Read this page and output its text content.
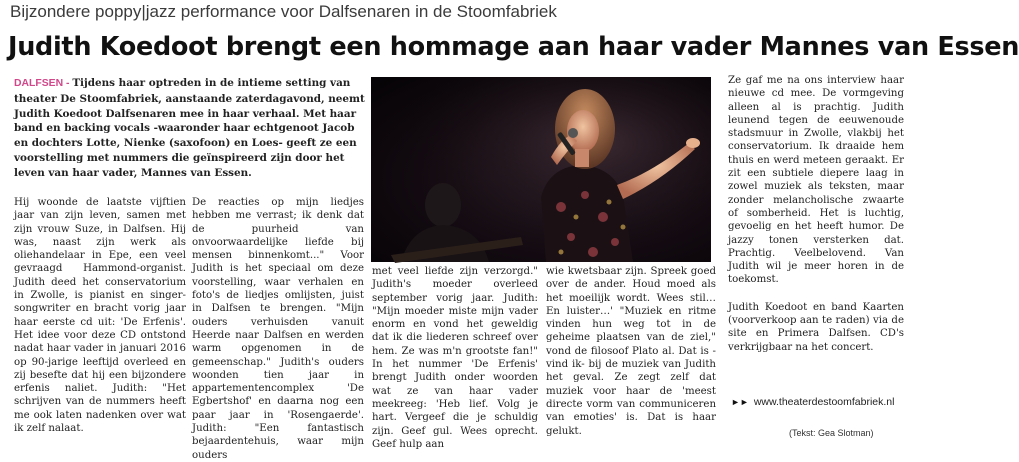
Bijzondere poppy|jazz performance voor Dalfsenaren in de Stoomfabriek
Judith Koedoot brengt een hommage aan haar vader Mannes van Essen
DALFSEN - Tijdens haar optreden in de intieme setting van theater De Stoomfabriek, aanstaande zaterdagavond, neemt Judith Koedoot Dalfsenaren mee in haar verhaal. Met haar band en backing vocals -waaronder haar echtgenoot Jacob en dochters Lotte, Nienke (saxofoon) en Loes- geeft ze een voorstelling met nummers die geïnspireerd zijn door het leven van haar vader, Mannes van Essen.

Hij woonde de laatste vijftien jaar van zijn leven, samen met zijn vrouw Suze, in Dalfsen. Hij was, naast zijn werk als oliehandelaar in Epe, een veel gevraagd Hammond-organist. Judith deed het conservatorium in Zwolle, is pianist en singer-songwriter en bracht vorig jaar haar eerste cd uit: 'De Erfenis'. Het idee voor deze CD ontstond nadat haar vader in januari 2016 op 90-jarige leeftijd overleed en zij besefte dat hij een bijzondere erfenis naliet. Judith: "Het schrijven van de nummers heeft me ook laten nadenken over wat ik zelf nalaat.

De reacties op mijn liedjes hebben me verrast; ik denk dat de puurheid van onvoorwaardelijke liefde bij mensen binnenkomt..." Voor Judith is het speciaal om deze voorstelling, waar verhalen en foto's de liedjes omlijsten, juist in Dalfsen te brengen. "Mijn ouders verhuisden vanuit Heerde naar Dalfsen en werden warm opgenomen in de gemeenschap." Judith's ouders woonden tien jaar in appartementencomplex 'De Egbertshof' en daarna nog een paar jaar in 'Rosengaerde'. Judith: "Een fantastisch bejaardentehuis, waar mijn ouders

met veel liefde zijn verzorgd." Judith's moeder overleed september vorig jaar. Judith: "Mijn moeder miste mijn vader enorm en vond het geweldig dat ik die liederen schreef over hem. Ze was m'n grootste fan!" In het nummer 'De Erfenis' brengt Judith onder woorden wat ze van haar vader meekreeg: 'Heb lief. Volg je hart. Vergeef die je schuldig zijn. Geef gul. Wees oprecht. Geef hulp aan

wie kwetsbaar zijn. Spreek goed over de ander. Houd moed als het moeilijk wordt. Wees stil… En luister…' "Muziek en ritme vinden hun weg tot in de geheime plaatsen van de ziel," vond de filosoof Plato al. Dat is -vind ik- bij de muziek van Judith het geval. Ze zegt zelf dat muziek voor haar de 'meest directe vorm van communiceren van emoties' is. Dat is haar gelukt.

Ze gaf me na ons interview haar nieuwe cd mee. De vormgeving alleen al is prachtig. Judith leunend tegen de eeuwenoude stadsmuur in Zwolle, vlakbij het conservatorium. Ik draaide hem thuis en werd meteen geraakt. Er zit een subtiele diepere laag in zowel muziek als teksten, maar zonder melancholische zwaarte of somberheid. Het is luchtig, gevoelig en het heeft humor. De jazzy tonen versterken dat. Prachtig. Veelbelovend. Van Judith wil je meer horen in de toekomst.

Judith Koedoot en band Kaarten (voorverkoop aan te raden) via de site en Primera Dalfsen. CD's verkrijgbaar na het concert.

►► www.theaterdestoomfabriek.nl
(Tekst: Gea Slotman)
